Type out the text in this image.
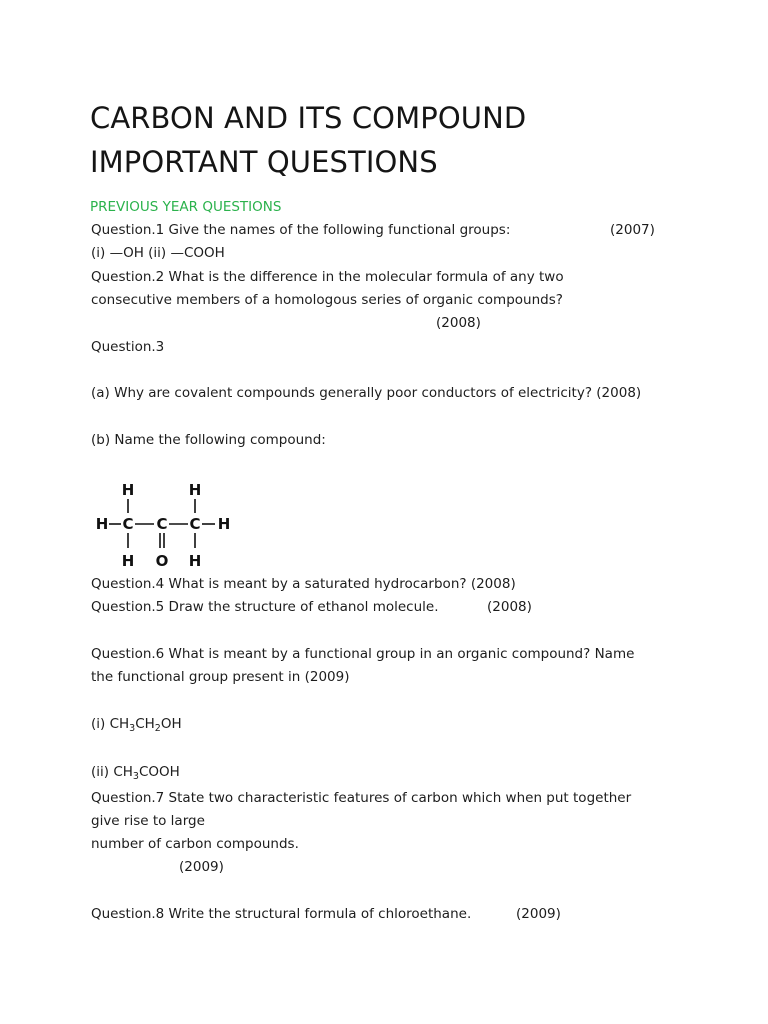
CARBON AND ITS COMPOUND
IMPORTANT QUESTIONS
PREVIOUS YEAR QUESTIONS
Question.1 Give the names of the following functional groups:	(2007)
(i) —OH (ii) —COOH
Question.2 What is the difference in the molecular formula of any two
consecutive members of a homologous series of organic compounds?
(2008)
Question.3
(a) Why are covalent compounds generally poor conductors of electricity? (2008)
(b) Name the following compound:
H	H
H C C C H
H O H
Question.4 What is meant by a saturated hydrocarbon? (2008)
Question.5 Draw the structure of ethanol molecule.	(2008)
Question.6 What is meant by a functional group in an organic compound? Name
the functional group present in (2009)
(i) $CH_3CH_2OH$
(ii) $CH_3COOH$
Question.7 State two characteristic features of carbon which when put together
give rise to large
number of carbon compounds.
(2009)
Question.8 Write the structural formula of chloroethane.	(2009)
